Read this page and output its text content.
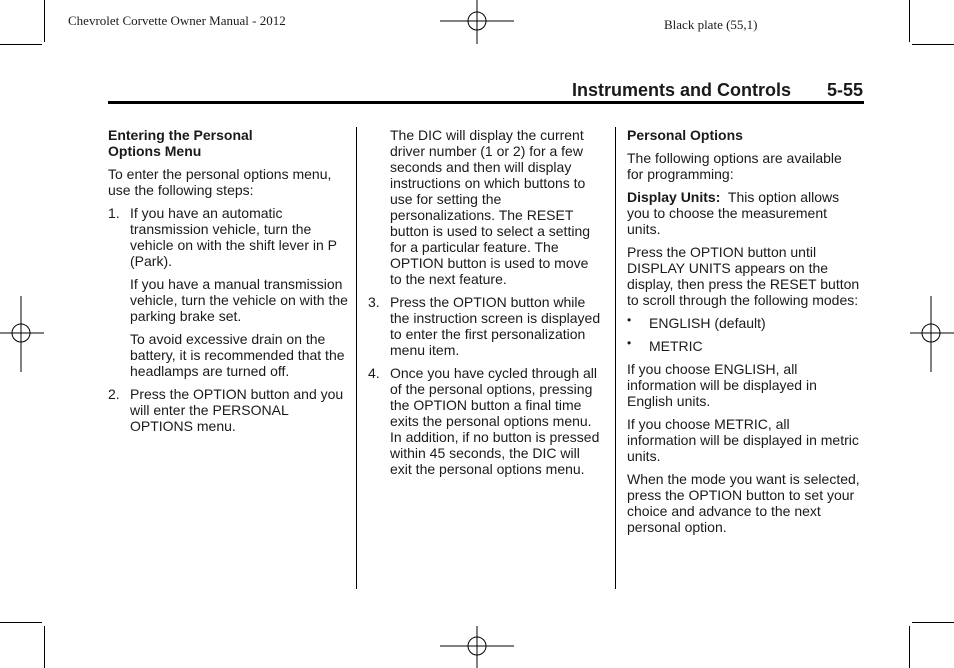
Chevrolet Corvette Owner Manual - 2012	Black plate (55,1)
Instruments and Controls 5-55

Entering the Personal
Options Menu

To enter the personal options menu, use the following steps:

1. If you have an automatic transmission vehicle, turn the vehicle on with the shift lever in P (Park).

If you have a manual transmission vehicle, turn the vehicle on with the parking brake set.

To avoid excessive drain on the battery, it is recommended that the headlamps are turned off.

2. Press the OPTION button and you will enter the PERSONAL OPTIONS menu.

The DIC will display the current driver number (1 or 2) for a few seconds and then will display instructions on which buttons to use for setting the personalizations. The RESET button is used to select a setting for a particular feature. The OPTION button is used to move to the next feature.

3. Press the OPTION button while the instruction screen is displayed to enter the first personalization menu item.
4. Once you have cycled through all of the personal options, pressing the OPTION button a final time exits the personal options menu. In addition, if no button is pressed within 45 seconds, the DIC will exit the personal options menu.

Personal Options

The following options are available for programming:

Display Units: This option allows you to choose the measurement units.

Press the OPTION button until DISPLAY UNITS appears on the display, then press the RESET button to scroll through the following modes:

• ENGLISH (default)
• METRIC

If you choose ENGLISH, all information will be displayed in English units.

If you choose METRIC, all information will be displayed in metric units.

When the mode you want is selected, press the OPTION button to set your choice and advance to the next personal option.
